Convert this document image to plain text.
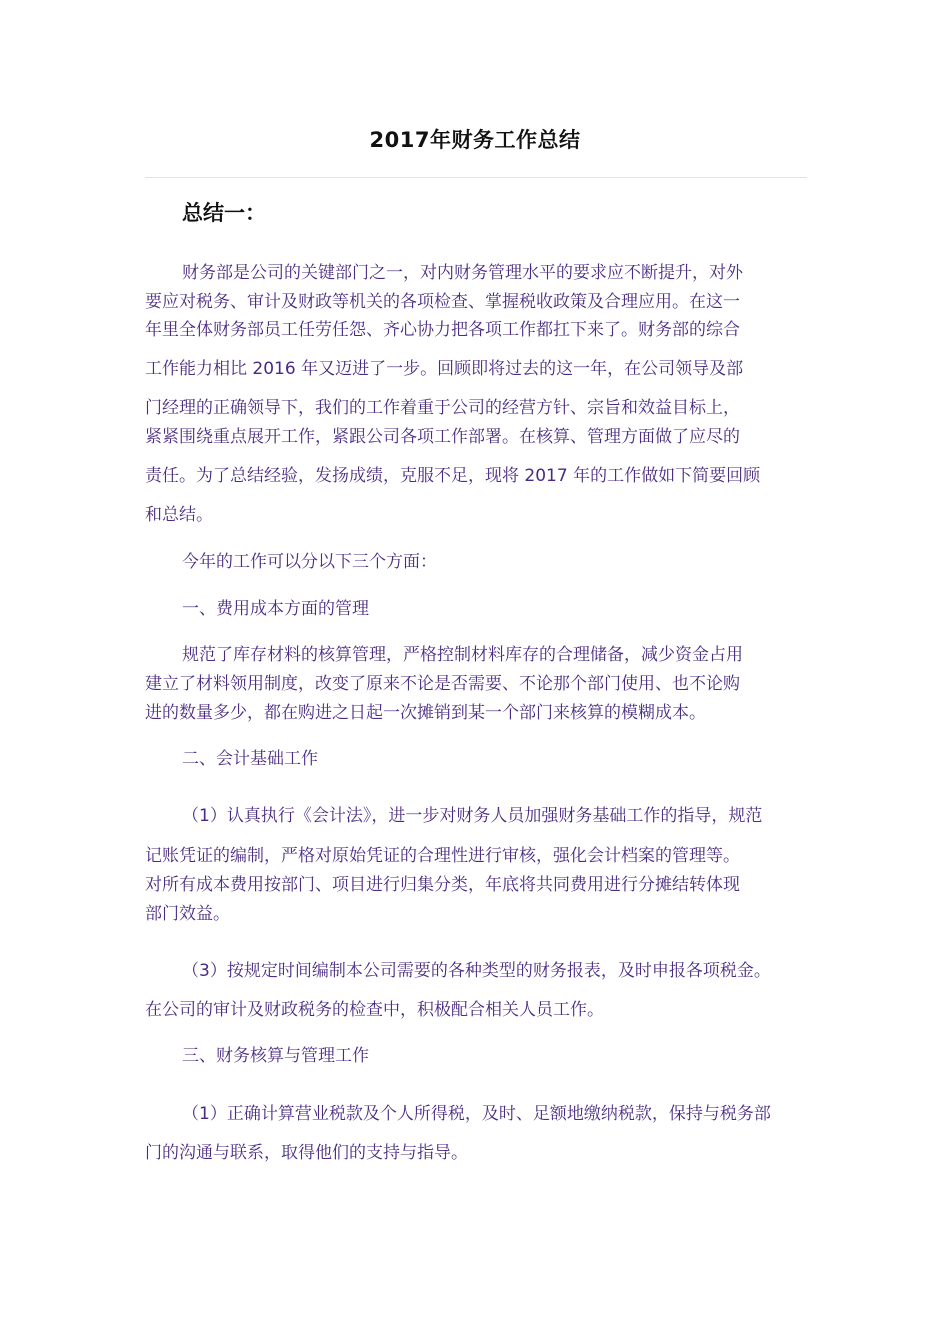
2017年财务工作总结
总结一：
财务部是公司的关键部门之一，对内财务管理水平的要求应不断提升，对外
要应对税务、审计及财政等机关的各项检查、掌握税收政策及合理应用。在这一
年里全体财务部员工任劳任怨、齐心协力把各项工作都扛下来了。财务部的综合
工作能力相比 2016 年又迈进了一步。回顾即将过去的这一年，在公司领导及部
门经理的正确领导下，我们的工作着重于公司的经营方针、宗旨和效益目标上，
紧紧围绕重点展开工作，紧跟公司各项工作部署。在核算、管理方面做了应尽的
责任。为了总结经验，发扬成绩，克服不足，现将 2017 年的工作做如下简要回顾
和总结。
今年的工作可以分以下三个方面：
一、费用成本方面的管理
规范了库存材料的核算管理，严格控制材料库存的合理储备，减少资金占用
建立了材料领用制度，改变了原来不论是否需要、不论那个部门使用、也不论购
进的数量多少，都在购进之日起一次摊销到某一个部门来核算的模糊成本。
二、会计基础工作
（1）认真执行《会计法》，进一步对财务人员加强财务基础工作的指导，规范
记账凭证的编制，严格对原始凭证的合理性进行审核，强化会计档案的管理等。
对所有成本费用按部门、项目进行归集分类，年底将共同费用进行分摊结转体现
部门效益。
（3）按规定时间编制本公司需要的各种类型的财务报表，及时申报各项税金。
在公司的审计及财政税务的检查中，积极配合相关人员工作。
三、财务核算与管理工作
（1）正确计算营业税款及个人所得税，及时、足额地缴纳税款，保持与税务部
门的沟通与联系，取得他们的支持与指导。
